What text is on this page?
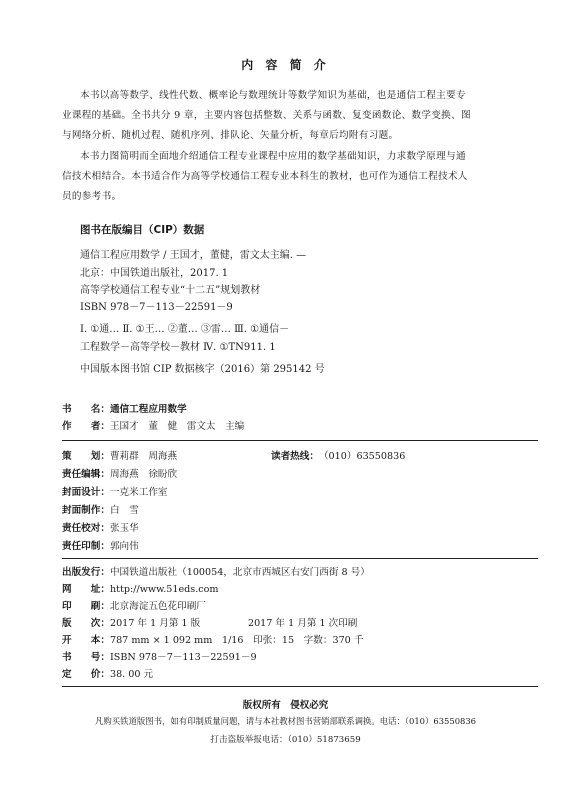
内 容 简 介
本书以高等数学、线性代数、概率论与数理统计等数学知识为基础，也是通信工程主要专
业课程的基础。全书共分 9 章，主要内容包括整数、关系与函数、复变函数论、数学变换、图
与网络分析、随机过程、随机序列、排队论、矢量分析，每章后均附有习题。
本书力图简明而全面地介绍通信工程专业课程中应用的数学基础知识，力求数学原理与通
信技术相结合。本书适合作为高等学校通信工程专业本科生的教材，也可作为通信工程技术人
员的参考书。
图书在版编目（CIP）数据
通信工程应用数学 / 王国才，董健，雷文太主编. —
北京：中国铁道出版社，2017. 1
高等学校通信工程专业“十二五”规划教材
ISBN 978－7－113－22591－9
Ⅰ. ①通… Ⅱ. ①王… ②董… ③雷… Ⅲ. ①通信－
工程数学－高等学校－教材 Ⅳ. ①TN911. 1
中国版本图书馆 CIP 数据核字（2016）第 295142 号
书　　名：通信工程应用数学
作　　者：王国才　董　健　雷文太　主编
策　　划：曹莉群　周海燕	读者热线：（010）63550836
责任编辑：周海燕　徐盼欣
封面设计：一克米工作室
封面制作：白　雪
责任校对：张玉华
责任印制：郭向伟
出版发行：中国铁道出版社（100054，北京市西城区右安门西街 8 号）
网　　址：http://www.51eds.com
印　　刷：北京海淀五色花印刷厂
版　　次：2017 年 1 月第 1 版	2017 年 1 月第 1 次印刷
开　　本：787 mm × 1 092 mm　1/16　印张：15　字数：370 千
书　　号：ISBN 978－7－113－22591－9
定　　价：38. 00 元
版权所有　侵权必究
凡购买铁道版图书，如有印制质量问题，请与本社教材图书营销部联系调换。电话：（010）63550836
打击盗版举报电话：（010）51873659
